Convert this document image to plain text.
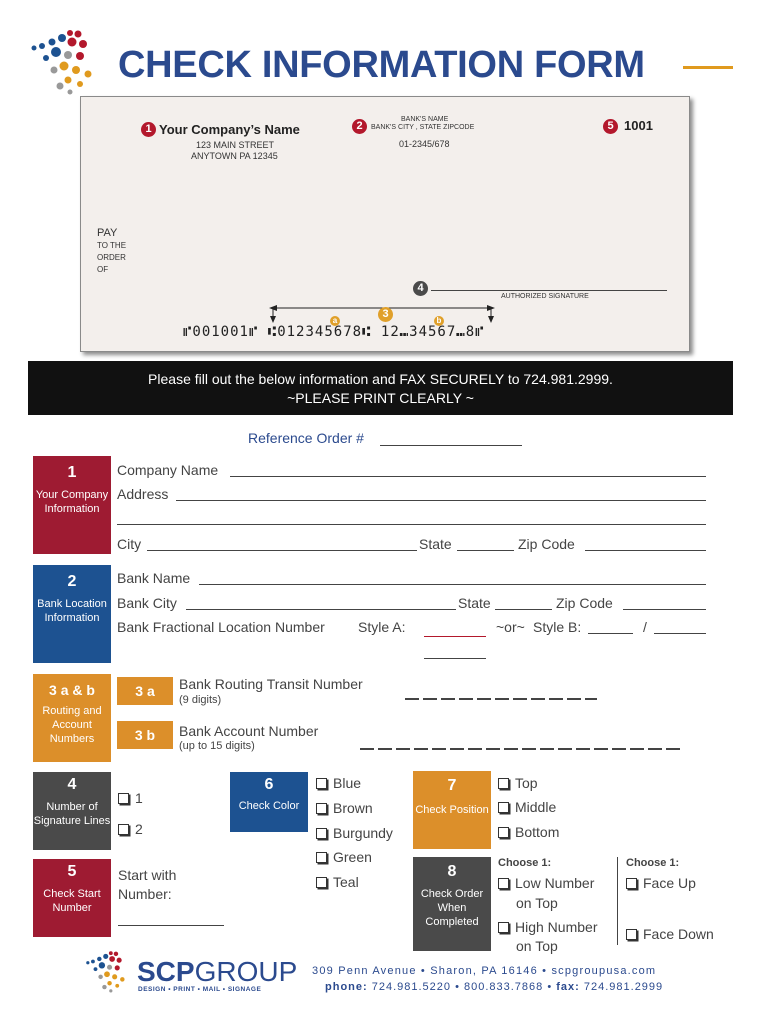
CHECK INFORMATION FORM
1 Your Company’s Name
123 MAIN STREET
ANYTOWN PA 12345
2
BANK'S NAME
BANK'S CITY , STATE ZIPCODE
01-2345/678
5 1001
PAY
TO THE
ORDER
OF
4
AUTHORIZED SIGNATURE
3
a	b
⑈001001⑈ ⑆012345678⑆ 12⑉34567⑉8⑈
Please fill out the below information and FAX SECURELY to 724.981.2999.
~PLEASE PRINT CLEARLY ~
Reference Order #
1
Your Company Information
Company Name
Address
City	State	Zip Code
2
Bank Location Information
Bank Name
Bank City	State	Zip Code
Bank Fractional Location Number Style A:	~or~ Style B:	/
3 a & b
Routing and Account Numbers
3 a	Bank Routing Transit Number
(9 digits)
3 b	Bank Account Number
(up to 15 digits)
4
Number of Signature Lines
1
2
5
Check Start Number
Start with
Number:
6
Check Color
Blue
Brown
Burgundy
Green
Teal
7
Check Position
Top
Middle
Bottom
8
Check Order When Completed
Choose 1:
Low Number
on Top
High Number
on Top
Choose 1:
Face Up
Face Down
SCPGROUP
DESIGN • PRINT • MAIL • SIGNAGE
309 Penn Avenue • Sharon, PA 16146 • scpgroupusa.com
phone: 724.981.5220 • 800.833.7868 • fax: 724.981.2999
